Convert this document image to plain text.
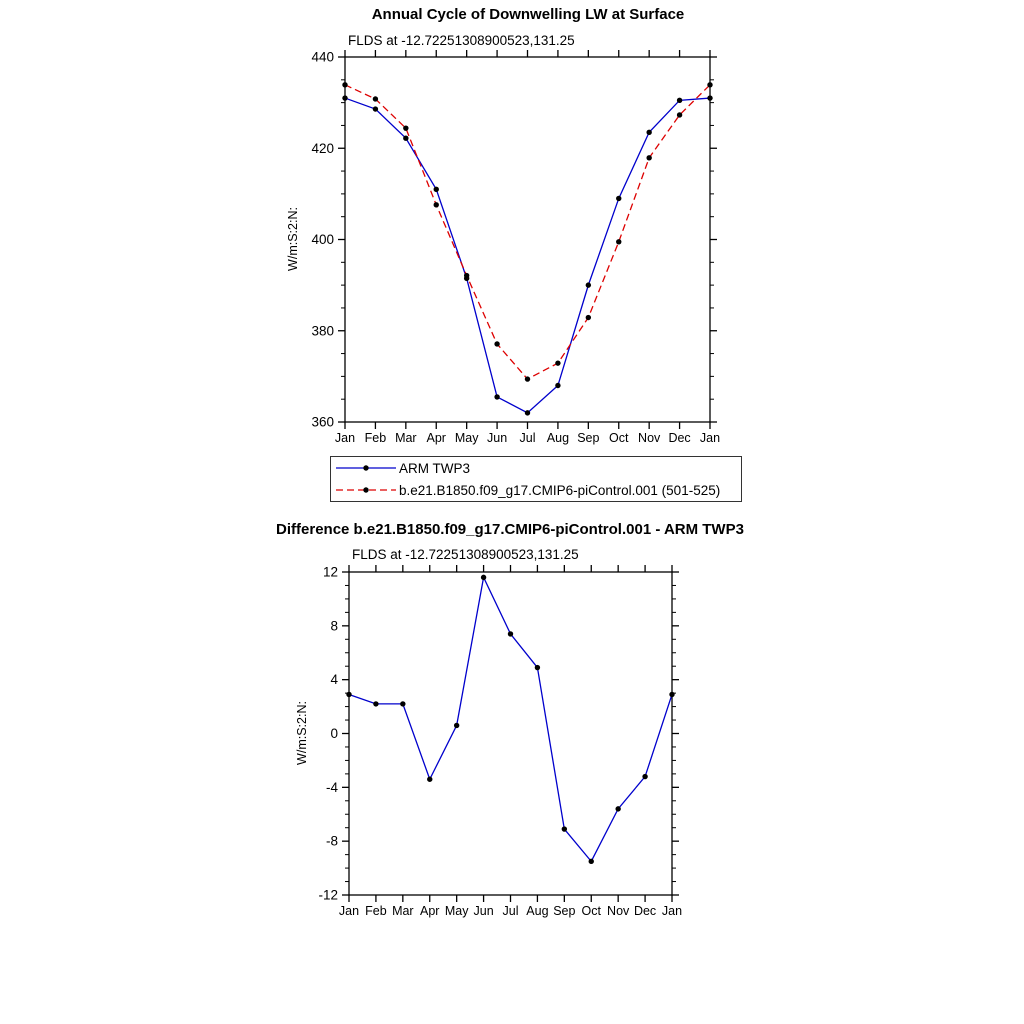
Annual Cycle of Downwelling LW at Surface
FLDS at -12.72251308900523,131.25
W/m:S:2:N:
360
380
400
420
440
Jan Feb Mar Apr May Jun Jul Aug Sep Oct Nov Dec Jan
ARM TWP3
b.e21.B1850.f09_g17.CMIP6-piControl.001 (501-525)
Difference b.e21.B1850.f09_g17.CMIP6-piControl.001 - ARM TWP3
FLDS at -12.72251308900523,131.25
W/m:S:2:N:
-12
-8
-4
0
4
8
12
Jan Feb Mar Apr May Jun Jul Aug Sep Oct Nov Dec Jan
